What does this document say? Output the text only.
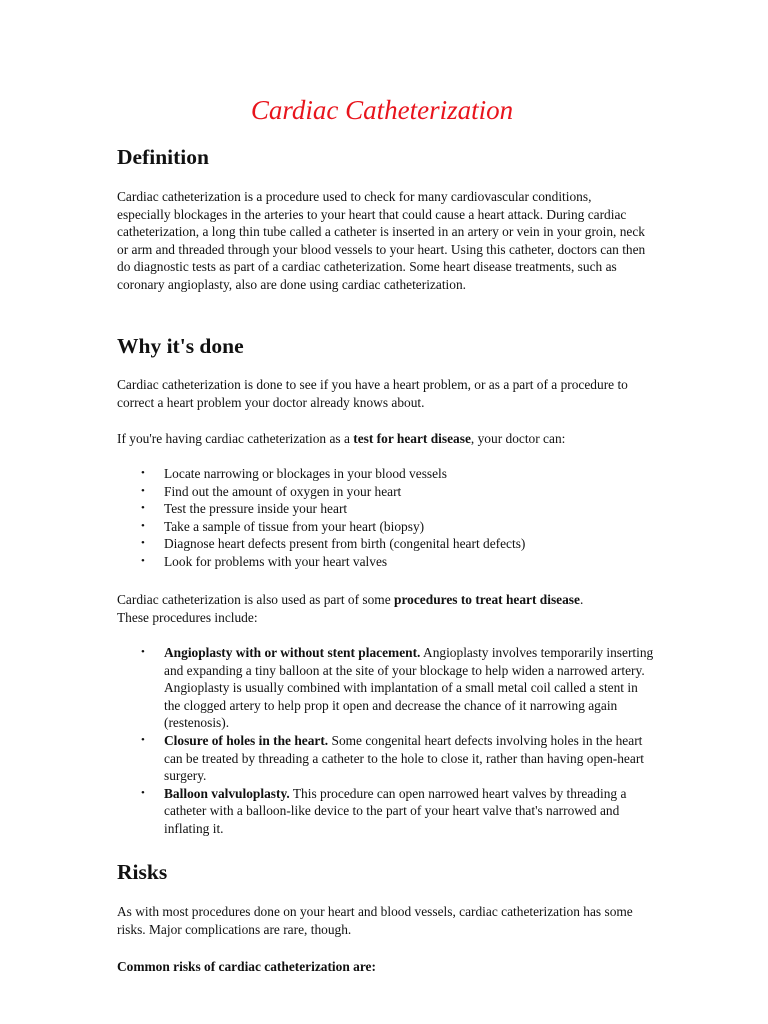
Cardiac Catheterization
Definition

Cardiac catheterization is a procedure used to check for many cardiovascular conditions, especially blockages in the arteries to your heart that could cause a heart attack. During cardiac catheterization, a long thin tube called a catheter is inserted in an artery or vein in your groin, neck or arm and threaded through your blood vessels to your heart. Using this catheter, doctors can then do diagnostic tests as part of a cardiac catheterization. Some heart disease treatments, such as coronary angioplasty, also are done using cardiac catheterization.

Why it's done

Cardiac catheterization is done to see if you have a heart problem, or as a part of a procedure to correct a heart problem your doctor already knows about.

If you're having cardiac catheterization as a test for heart disease, your doctor can:

• Locate narrowing or blockages in your blood vessels
• Find out the amount of oxygen in your heart
• Test the pressure inside your heart
• Take a sample of tissue from your heart (biopsy)
• Diagnose heart defects present from birth (congenital heart defects)
• Look for problems with your heart valves

Cardiac catheterization is also used as part of some procedures to treat heart disease. These procedures include:

• Angioplasty with or without stent placement. Angioplasty involves temporarily inserting and expanding a tiny balloon at the site of your blockage to help widen a narrowed artery. Angioplasty is usually combined with implantation of a small metal coil called a stent in the clogged artery to help prop it open and decrease the chance of it narrowing again (restenosis).
• Closure of holes in the heart. Some congenital heart defects involving holes in the heart can be treated by threading a catheter to the hole to close it, rather than having open-heart surgery.
• Balloon valvuloplasty. This procedure can open narrowed heart valves by threading a catheter with a balloon-like device to the part of your heart valve that's narrowed and inflating it.
Risks

As with most procedures done on your heart and blood vessels, cardiac catheterization has some risks. Major complications are rare, though.

Common risks of cardiac catheterization are:
